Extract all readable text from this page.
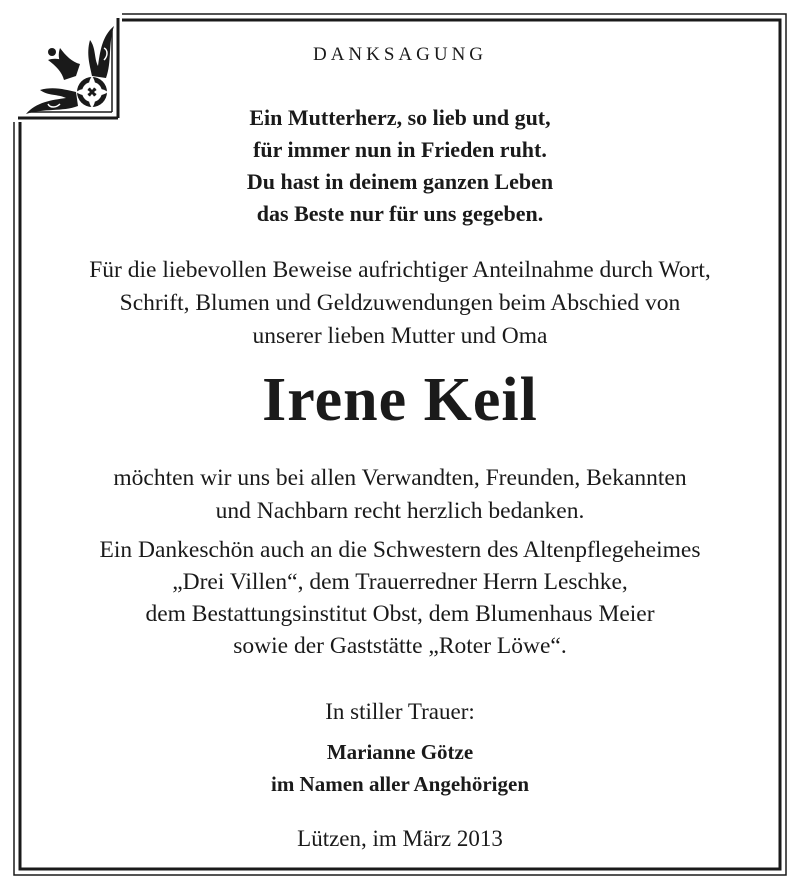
DANKSAGUNG
Ein Mutterherz, so lieb und gut,
für immer nun in Frieden ruht.
Du hast in deinem ganzen Leben
das Beste nur für uns gegeben.
Für die liebevollen Beweise aufrichtiger Anteilnahme durch Wort,
Schrift, Blumen und Geldzuwendungen beim Abschied von
unserer lieben Mutter und Oma
Irene Keil
möchten wir uns bei allen Verwandten, Freunden, Bekannten
und Nachbarn recht herzlich bedanken.
Ein Dankeschön auch an die Schwestern des Altenpflegeheimes
„Drei Villen“, dem Trauerredner Herrn Leschke,
dem Bestattungsinstitut Obst, dem Blumenhaus Meier
sowie der Gaststätte „Roter Löwe“.
In stiller Trauer:
Marianne Götze
im Namen aller Angehörigen
Lützen, im März 2013
